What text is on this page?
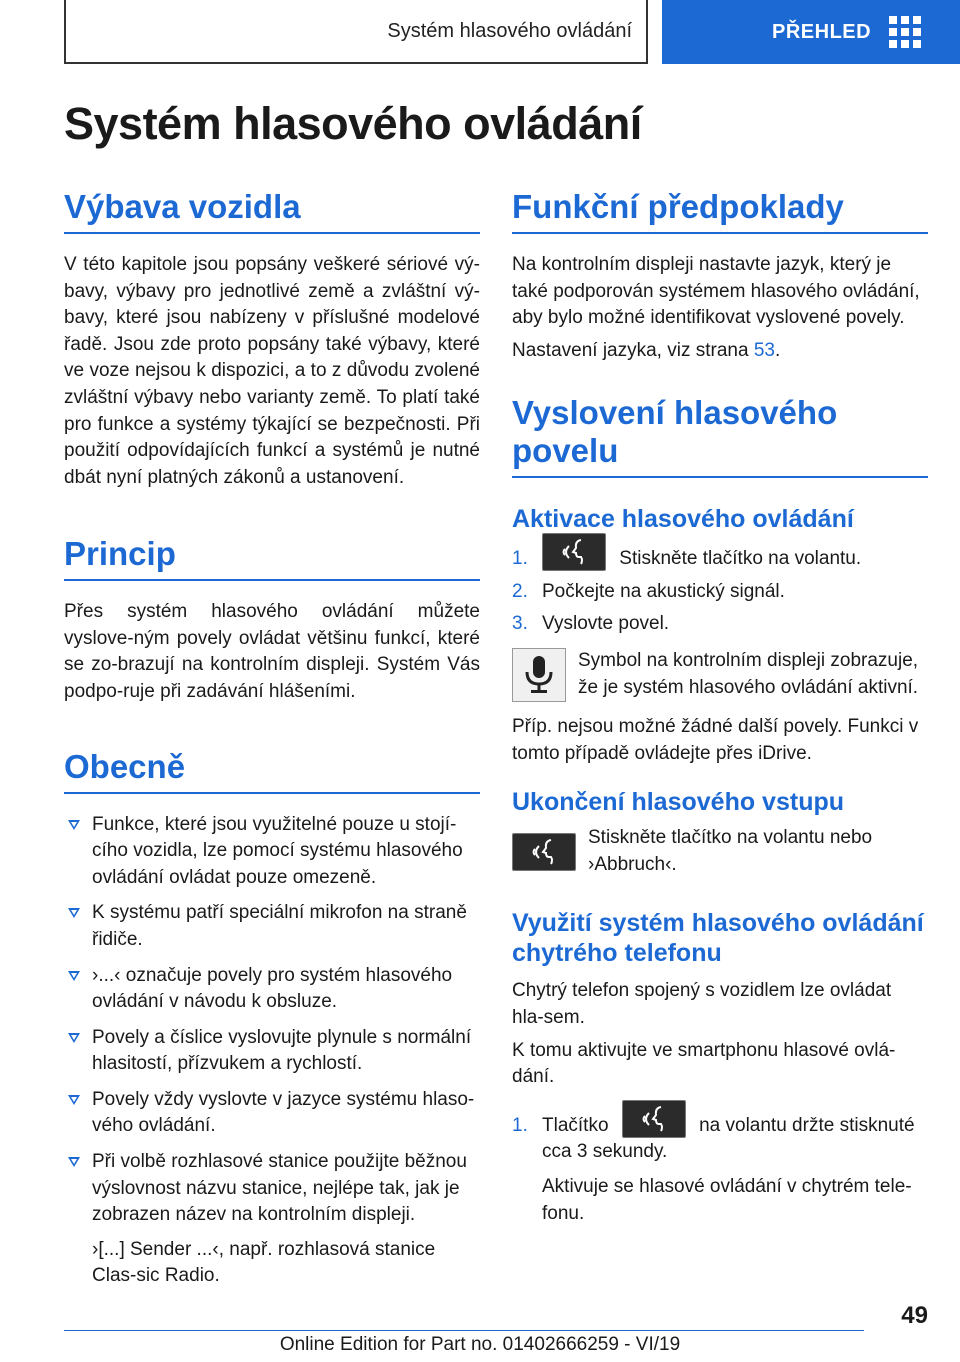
Systém hlasového ovládání	PŘEHLED
Systém hlasového ovládání
Výbava vozidla

V této kapitole jsou popsány veškeré sériové vý‐bavy, výbavy pro jednotlivé země a zvláštní vý‐bavy, které jsou nabízeny v příslušné modelové řadě. Jsou zde proto popsány také výbavy, které ve voze nejsou k dispozici, a to z důvodu zvolené zvláštní výbavy nebo varianty země. To platí také pro funkce a systémy týkající se bezpečnosti. Při použití odpovídajících funkcí a systémů je nutné dbát nyní platných zákonů a ustanovení.

Princip

Přes systém hlasového ovládání můžete vyslove‐ným povely ovládat většinu funkcí, které se zo‐brazují na kontrolním displeji. Systém Vás podpo‐ruje při zadávání hlášeními.

Obecně
Funkce, které jsou využitelné pouze u stojí‐cího vozidla, lze pomocí systému hlasového ovládání ovládat pouze omezeně.
K systému patří speciální mikrofon na straně řidiče.
›...‹ označuje povely pro systém hlasového ovládání v návodu k obsluze.
Povely a číslice vyslovujte plynule s normální hlasitostí, přízvukem a rychlostí.
Povely vždy vyslovte v jazyce systému hlaso‐vého ovládání.
Při volbě rozhlasové stanice použijte běžnou výslovnost názvu stanice, nejlépe tak, jak je zobrazen název na kontrolním displeji.
›[...] Sender ...‹, např. rozhlasová stanice Clas‐sic Radio.
Funkční předpoklady

Na kontrolním displeji nastavte jazyk, který je také podporován systémem hlasového ovládání, aby bylo možné identifikovat vyslovené povely.

Nastavení jazyka, viz strana 53.

Vyslovení hlasového povelu
Aktivace hlasového ovládání
1.	Stiskněte tlačítko na volantu.
2. Počkejte na akustický signál.
3. Vyslovte povel.

Symbol na kontrolním displeji zobrazuje, že je systém hlasového ovládání aktivní.

Příp. nejsou možné žádné další povely. Funkci v tomto případě ovládejte přes iDrive.

Ukončení hlasového vstupu

Stiskněte tlačítko na volantu nebo ›Abbruch‹.

Využití systém hlasového ovládání chytrého telefonu

Chytrý telefon spojený s vozidlem lze ovládat hla‐sem.

K tomu aktivujte ve smartphonu hlasové ovlá‐dání.

1. Tlačítko	na volantu držte stisknuté cca 3 sekundy.
Aktivuje se hlasové ovládání v chytrém tele‐fonu.
49
Online Edition for Part no. 01402666259 - VI/19
